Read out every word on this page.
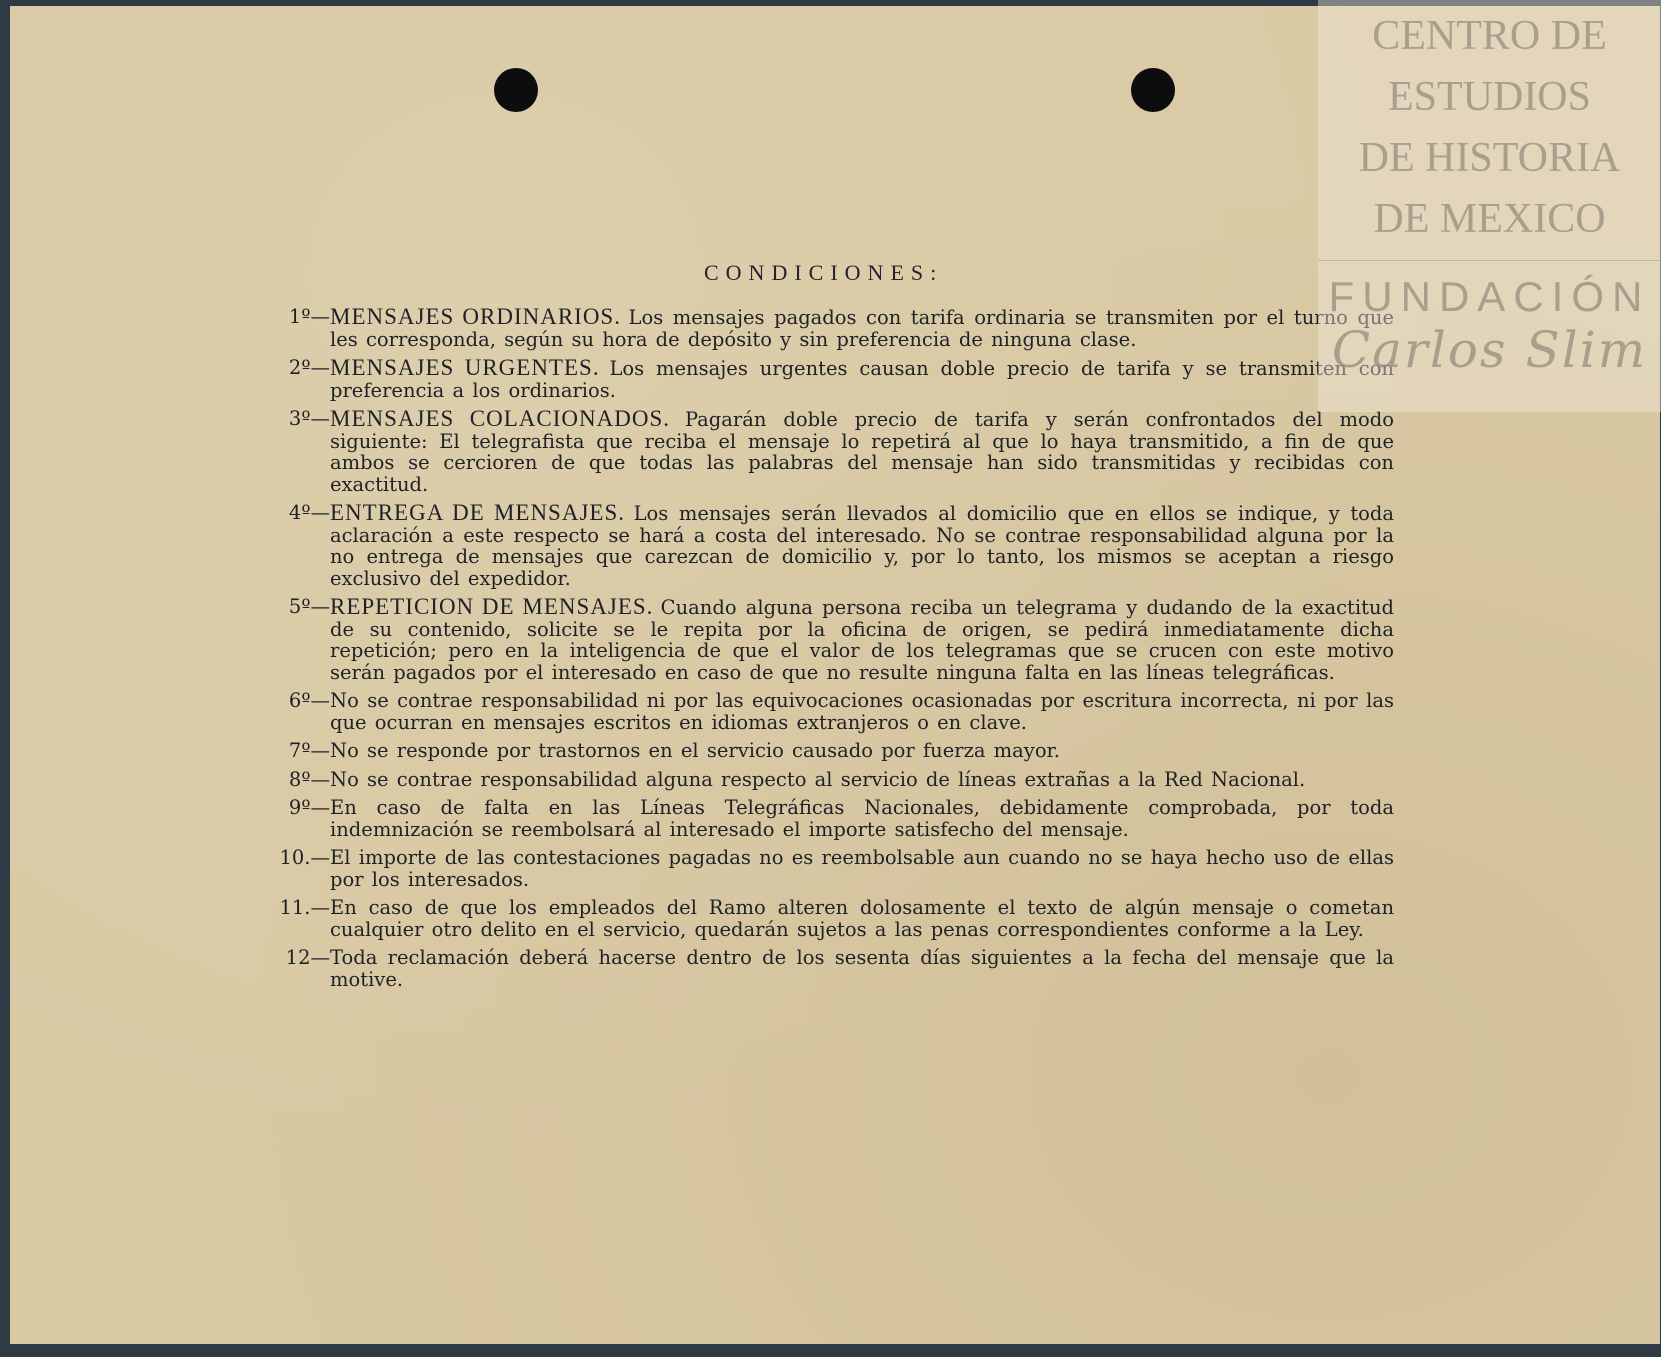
CONDICIONES:
1º— MENSAJES ORDINARIOS. Los mensajes pagados con tarifa ordinaria se transmiten por el turno que les corresponda, según su hora de depósito y sin preferencia de ninguna clase.
2º— MENSAJES URGENTES. Los mensajes urgentes causan doble precio de tarifa y se transmiten con preferencia a los ordinarios.
3º— MENSAJES COLACIONADOS. Pagarán doble precio de tarifa y serán confrontados del modo siguiente: El telegrafista que reciba el mensaje lo repetirá al que lo haya transmitido, a fin de que ambos se cercioren de que todas las palabras del mensaje han sido transmitidas y recibidas con exactitud.
4º— ENTREGA DE MENSAJES. Los mensajes serán llevados al domicilio que en ellos se indique, y toda aclaración a este respecto se hará a costa del interesado. No se contrae responsabilidad alguna por la no entrega de mensajes que carezcan de domicilio y, por lo tanto, los mismos se aceptan a riesgo exclusivo del expedidor.
5º— REPETICION DE MENSAJES. Cuando alguna persona reciba un telegrama y dudando de la exactitud de su contenido, solicite se le repita por la oficina de origen, se pedirá inmediatamente dicha repetición; pero en la inteligencia de que el valor de los telegramas que se crucen con este motivo serán pagados por el interesado en caso de que no resulte ninguna falta en las líneas telegráficas.
6º— No se contrae responsabilidad ni por las equivocaciones ocasionadas por escritura incorrecta, ni por las que ocurran en mensajes escritos en idiomas extranjeros o en clave.
7º— No se responde por trastornos en el servicio causado por fuerza mayor.
8º— No se contrae responsabilidad alguna respecto al servicio de líneas extrañas a la Red Nacional.
9º— En caso de falta en las Líneas Telegráficas Nacionales, debidamente comprobada, por toda indemnización se reembolsará al interesado el importe satisfecho del mensaje.
10.— El importe de las contestaciones pagadas no es reembolsable aun cuando no se haya hecho uso de ellas por los interesados.
11.— En caso de que los empleados del Ramo alteren dolosamente el texto de algún mensaje o cometan cualquier otro delito en el servicio, quedarán sujetos a las penas correspondientes conforme a la Ley.
12— Toda reclamación deberá hacerse dentro de los sesenta días siguientes a la fecha del mensaje que la motive.
CENTRO DE
ESTUDIOS
DE HISTORIA
DE MEXICO
FUNDACIÓN
Carlos Slim
